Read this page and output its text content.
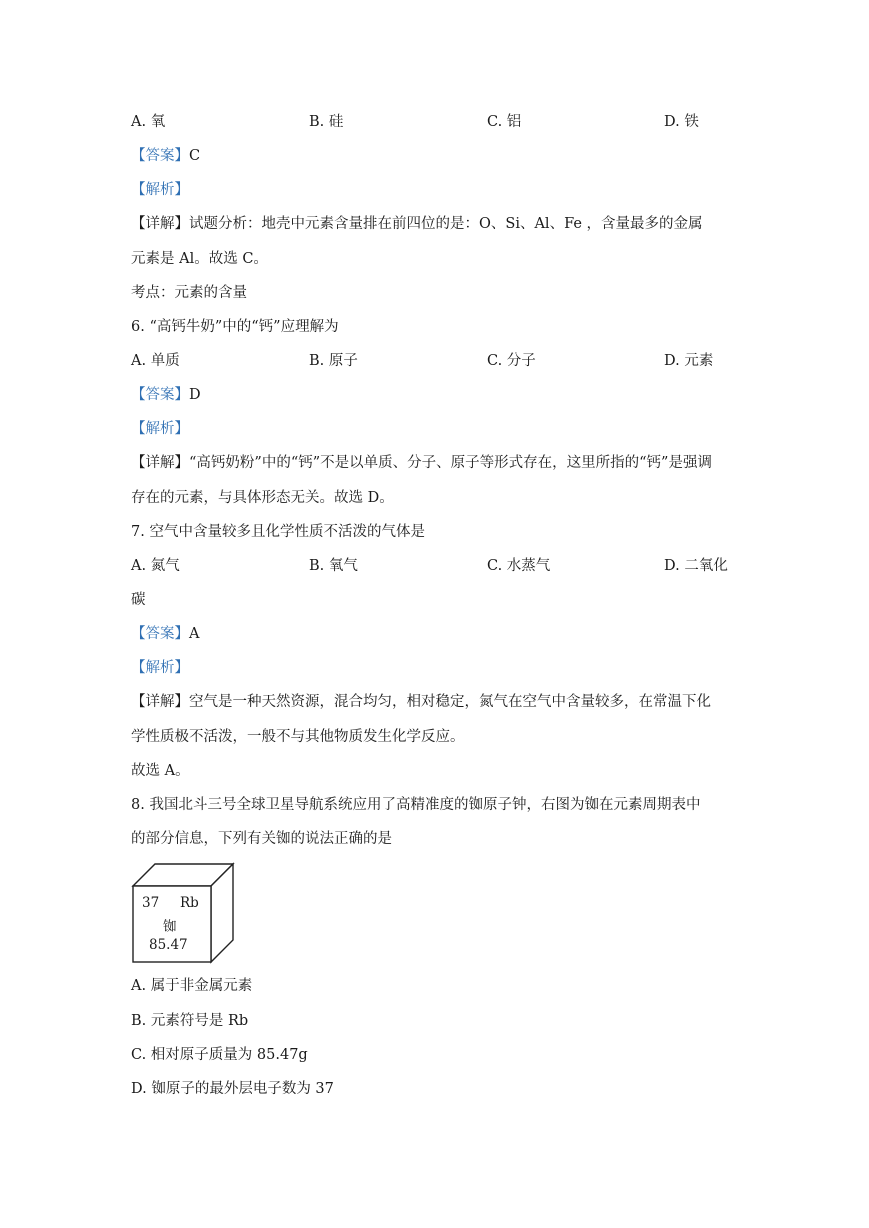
A. 氧	B. 硅	C. 铝	D. 铁
【答案】C
【解析】
【详解】试题分析：地壳中元素含量排在前四位的是：O、Si、Al、Fe ，含量最多的金属
元素是 Al。故选 C。
考点：元素的含量
6. “高钙牛奶”中的“钙”应理解为
A. 单质	B. 原子	C. 分子	D. 元素
【答案】D
【解析】
【详解】“高钙奶粉”中的“钙”不是以单质、分子、原子等形式存在，这里所指的“钙”是强调
存在的元素，与具体形态无关。故选 D。
7. 空气中含量较多且化学性质不活泼的气体是
A. 氮气	B. 氧气	C. 水蒸气	D. 二氧化
碳
【答案】A
【解析】
【详解】空气是一种天然资源，混合均匀，相对稳定，氮气在空气中含量较多，在常温下化
学性质极不活泼，一般不与其他物质发生化学反应。
故选 A。
8. 我国北斗三号全球卫星导航系统应用了高精准度的铷原子钟，右图为铷在元素周期表中
的部分信息，下列有关铷的说法正确的是
37 Rb
铷
85.47
A. 属于非金属元素
B. 元素符号是 Rb
C. 相对原子质量为 85.47g
D. 铷原子的最外层电子数为 37
